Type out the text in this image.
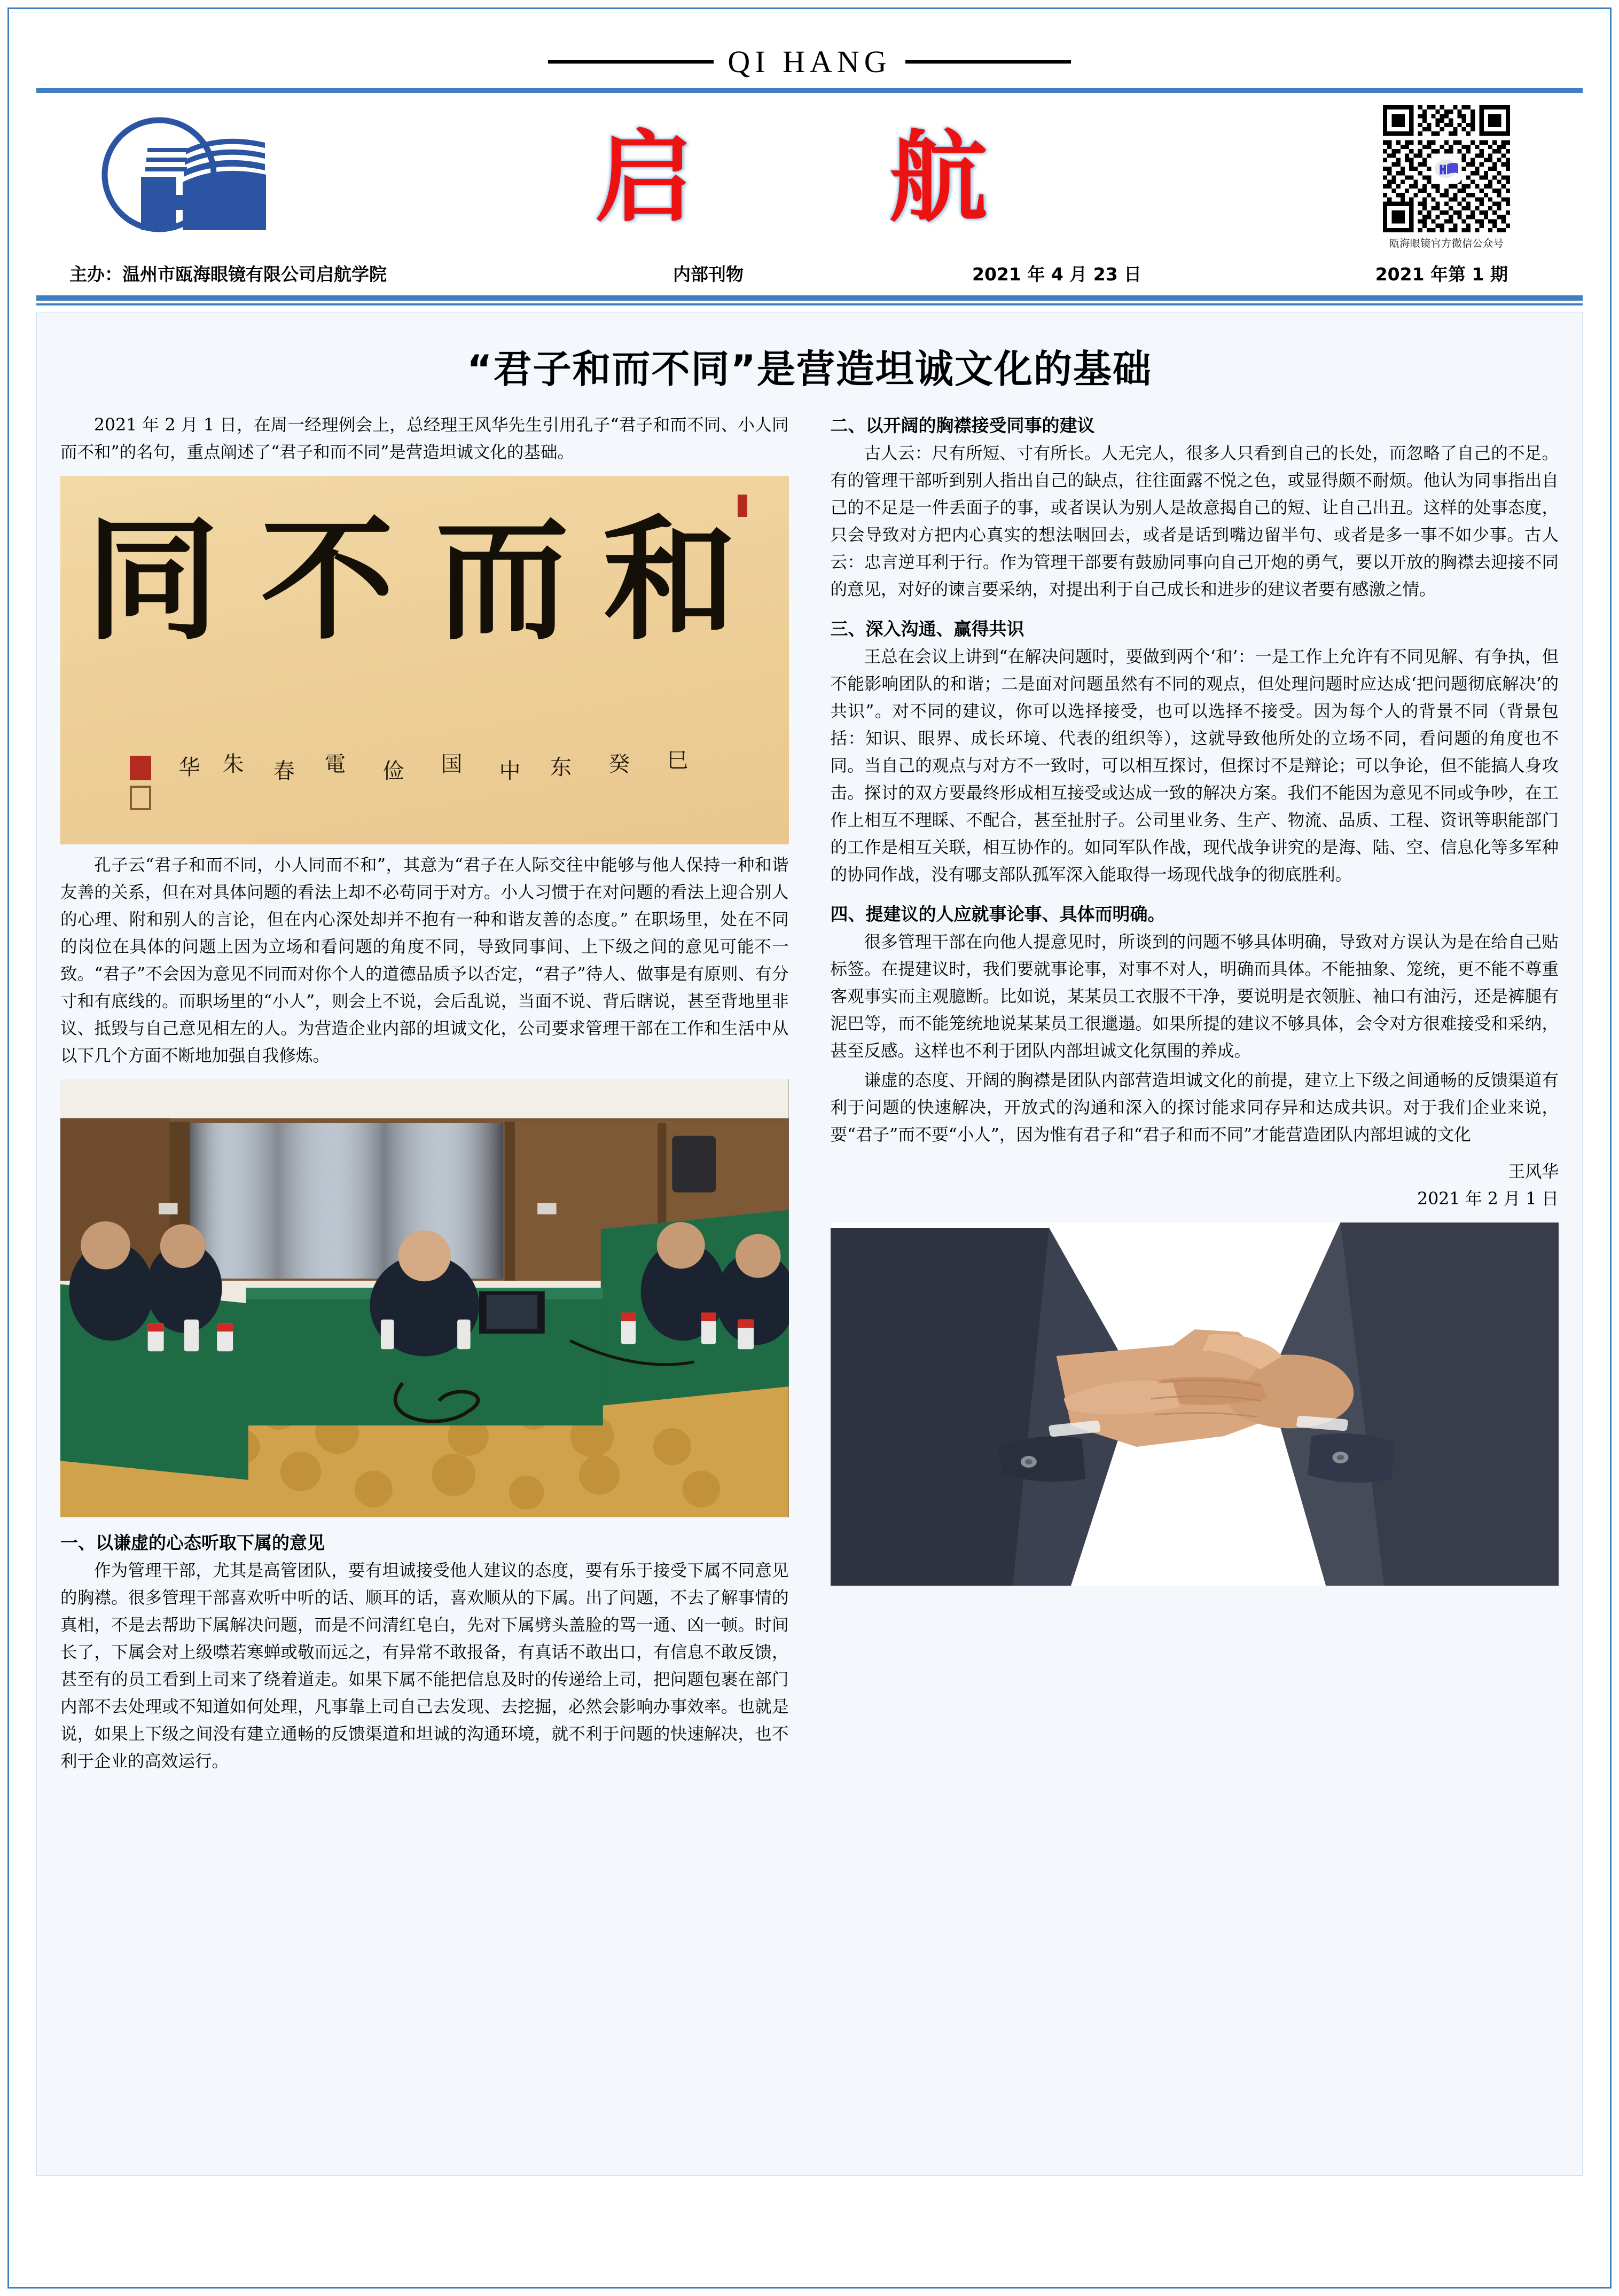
QI HANG
启　航
瓯海眼镜官方微信公众号
主办：温州市瓯海眼镜有限公司启航学院	内部刊物	2021 年 4 月 23 日	2021 年第 1 期
“君子和而不同”是营造坦诚文化的基础

2021 年 2 月 1 日，在周一经理例会上，总经理王风华先生引用孔子“君子和而不同、小人同而不和”的名句，重点阐述了“君子和而不同”是营造坦诚文化的基础。

同 不 而 和
华 朱 春 電 俭 国 中 东 癸 巳

孔子云“君子和而不同，小人同而不和”，其意为“君子在人际交往中能够与他人保持一种和谐友善的关系，但在对具体问题的看法上却不必苟同于对方。小人习惯于在对问题的看法上迎合别人的心理、附和别人的言论，但在内心深处却并不抱有一种和谐友善的态度。” 在职场里，处在不同的岗位在具体的问题上因为立场和看问题的角度不同，导致同事间、上下级之间的意见可能不一致。“君子”不会因为意见不同而对你个人的道德品质予以否定，“君子”待人、做事是有原则、有分寸和有底线的。而职场里的“小人”，则会上不说，会后乱说，当面不说、背后瞎说，甚至背地里非议、抵毁与自己意见相左的人。为营造企业内部的坦诚文化，公司要求管理干部在工作和生活中从以下几个方面不断地加强自我修炼。

一、以谦虚的心态听取下属的意见

作为管理干部，尤其是高管团队，要有坦诚接受他人建议的态度，要有乐于接受下属不同意见的胸襟。很多管理干部喜欢听中听的话、顺耳的话，喜欢顺从的下属。出了问题，不去了解事情的真相，不是去帮助下属解决问题，而是不问清红皂白，先对下属劈头盖脸的骂一通、凶一顿。时间长了，下属会对上级噤若寒蝉或敬而远之，有异常不敢报备，有真话不敢出口，有信息不敢反馈，甚至有的员工看到上司来了绕着道走。如果下属不能把信息及时的传递给上司，把问题包裹在部门内部不去处理或不知道如何处理，凡事靠上司自己去发现、去挖掘，必然会影响办事效率。也就是说，如果上下级之间没有建立通畅的反馈渠道和坦诚的沟通环境，就不利于问题的快速解决，也不利于企业的高效运行。

二、以开阔的胸襟接受同事的建议

古人云：尺有所短、寸有所长。人无完人，很多人只看到自己的长处，而忽略了自己的不足。有的管理干部听到别人指出自己的缺点，往往面露不悦之色，或显得颇不耐烦。他认为同事指出自己的不足是一件丢面子的事，或者误认为别人是故意揭自己的短、让自己出丑。这样的处事态度，只会导致对方把内心真实的想法咽回去，或者是话到嘴边留半句、或者是多一事不如少事。古人云：忠言逆耳利于行。作为管理干部要有鼓励同事向自己开炮的勇气，要以开放的胸襟去迎接不同的意见，对好的谏言要采纳，对提出利于自己成长和进步的建议者要有感激之情。

三、深入沟通、赢得共识

王总在会议上讲到“在解决问题时，要做到两个‘和’：一是工作上允许有不同见解、有争执，但不能影响团队的和谐；二是面对问题虽然有不同的观点，但处理问题时应达成‘把问题彻底解决’的共识”。对不同的建议，你可以选择接受，也可以选择不接受。因为每个人的背景不同（背景包括：知识、眼界、成长环境、代表的组织等），这就导致他所处的立场不同，看问题的角度也不同。当自己的观点与对方不一致时，可以相互探讨，但探讨不是辩论；可以争论，但不能搞人身攻击。探讨的双方要最终形成相互接受或达成一致的解决方案。我们不能因为意见不同或争吵，在工作上相互不理睬、不配合，甚至扯肘子。公司里业务、生产、物流、品质、工程、资讯等职能部门的工作是相互关联，相互协作的。如同军队作战，现代战争讲究的是海、陆、空、信息化等多军种的协同作战，没有哪支部队孤军深入能取得一场现代战争的彻底胜利。

四、提建议的人应就事论事、具体而明确。

很多管理干部在向他人提意见时，所谈到的问题不够具体明确，导致对方误认为是在给自己贴标签。在提建议时，我们要就事论事，对事不对人，明确而具体。不能抽象、笼统，更不能不尊重客观事实而主观臆断。比如说，某某员工衣服不干净，要说明是衣领脏、袖口有油污，还是裤腿有泥巴等，而不能笼统地说某某员工很邋遢。如果所提的建议不够具体，会令对方很难接受和采纳，甚至反感。这样也不利于团队内部坦诚文化氛围的养成。

谦虚的态度、开阔的胸襟是团队内部营造坦诚文化的前提，建立上下级之间通畅的反馈渠道有利于问题的快速解决，开放式的沟通和深入的探讨能求同存异和达成共识。对于我们企业来说，要“君子”而不要“小人”，因为惟有君子和“君子和而不同”才能营造团队内部坦诚的文化

王风华
2021 年 2 月 1 日
